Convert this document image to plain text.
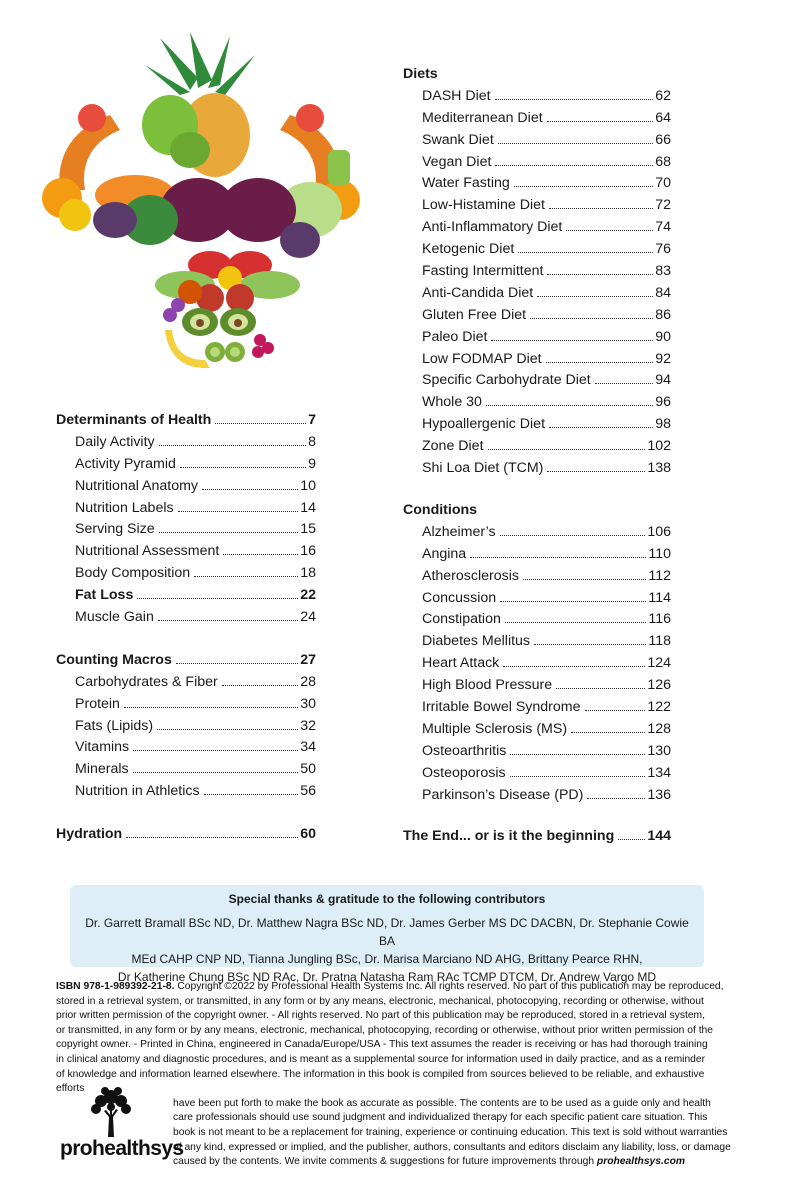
Determinants of Health	7
Daily Activity	8
Activity Pyramid	9
Nutritional Anatomy	10
Nutrition Labels	14
Serving Size	15
Nutritional Assessment	16
Body Composition	18
Fat Loss	22
Muscle Gain	24
Counting Macros	27
Carbohydrates & Fiber	28
Protein	30
Fats (Lipids)	32
Vitamins	34
Minerals	50
Nutrition in Athletics	56
Hydration	60
Diets
DASH Diet	62
Mediterranean Diet	64
Swank Diet	66
Vegan Diet	68
Water Fasting	70
Low-Histamine Diet	72
Anti-Inflammatory Diet	74
Ketogenic Diet	76
Fasting Intermittent	83
Anti-Candida Diet	84
Gluten Free Diet	86
Paleo Diet	90
Low FODMAP Diet	92
Specific Carbohydrate Diet	94
Whole 30	96
Hypoallergenic Diet	98
Zone Diet	102
Shi Loa Diet (TCM)	138
Conditions
Alzheimer’s	106
Angina	110
Atherosclerosis	112
Concussion	114
Constipation	116
Diabetes Mellitus	118
Heart Attack	124
High Blood Pressure	126
Irritable Bowel Syndrome	122
Multiple Sclerosis (MS)	128
Osteoarthritis	130
Osteoporosis	134
Parkinson’s Disease (PD)	136
The End... or is it the beginning 144
Special thanks & gratitude to the following contributors
Dr. Garrett Bramall BSc ND, Dr. Matthew Nagra BSc ND, Dr. James Gerber MS DC DACBN, Dr. Stephanie Cowie BA
MEd CAHP CNP ND, Tianna Jungling BSc, Dr. Marisa Marciano ND AHG, Brittany Pearce RHN,
Dr Katherine Chung BSc ND RAc, Dr. Pratna Natasha Ram RAc TCMP DTCM, Dr. Andrew Vargo MD
ISBN 978-1-989392-21-8. Copyright ©2022 by Professional Health Systems Inc. All rights reserved. No part of this publication may be reproduced,
stored in a retrieval system, or transmitted, in any form or by any means, electronic, mechanical, photocopying, recording or otherwise, without
prior written permission of the copyright owner. - All rights reserved. No part of this publication may be reproduced, stored in a retrieval system,
or transmitted, in any form or by any means, electronic, mechanical, photocopying, recording or otherwise, without prior written permission of the
copyright owner. - Printed in China, engineered in Canada/Europe/USA - This text assumes the reader is receiving or has had thorough training
in clinical anatomy and diagnostic procedures, and is meant as a supplemental source for information used in daily practice, and as a reminder
of knowledge and information learned elsewhere. The information in this book is compiled from sources believed to be reliable, and exhaustive efforts
have been put forth to make the book as accurate as possible. The contents are to be used as a guide only and health
care professionals should use sound judgment and individualized therapy for each specific patient care situation. This
book is not meant to be a replacement for training, experience or continuing education. This text is sold without warranties
of any kind, expressed or implied, and the publisher, authors, consultants and editors disclaim any liability, loss, or damage
caused by the contents. We invite comments & suggestions for future improvements through prohealthsys.com
prohealthsys
